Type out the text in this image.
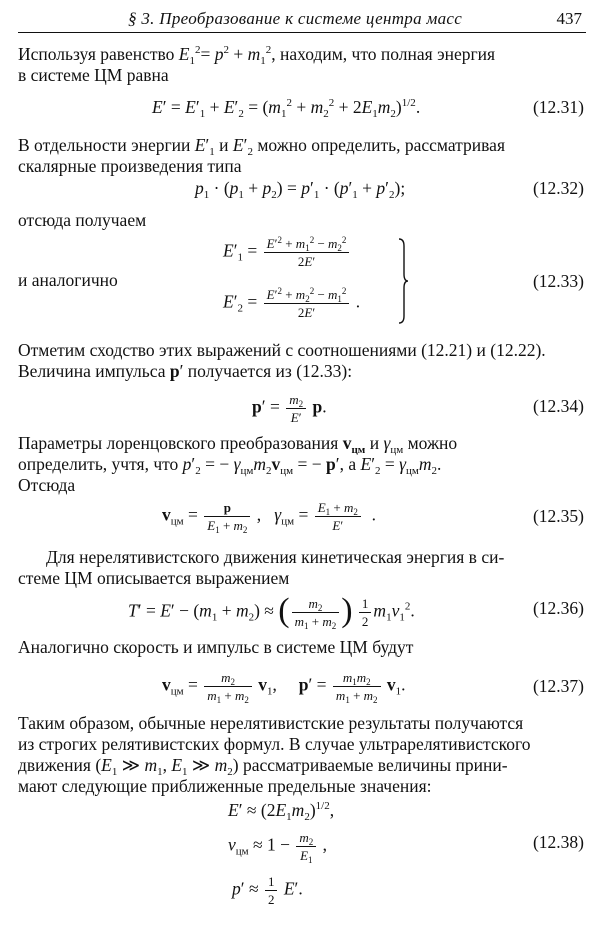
§ 3. Преобразование к системе центра масс	437
Используя равенство $E_1^2= p^2 + m_1^2$, находим, что полная энергия
в системе ЦМ равна
$E' = E'_1 + E'_2 = (m_1^2 + m_2^2 + 2E_1m_2)^{1/2}$.	(12.31)
В отдельности энергии $E'_1$ и $E'_2$ можно определить, рассматривая
скалярные произведения типа
$p_1 \cdot (p_1 + p_2) = p'_1 \cdot (p'_1 + p'_2)$;	(12.32)
отсюда получаем
$E'_1 = \frac{E'^2 + m_1^2 - m_2^2}{2E'}$
и аналогично
$E'_2 = \frac{E'^2 + m_2^2 - m_1^2}{2E'}$ .
(12.33)
Отметим сходство этих выражений с соотношениями (12.21) и (12.22).
Величина импульса p′ получается из (12.33):
$p' = \frac{m_2}{E'} p$.	(12.34)
Параметры лоренцовского преобразования $v_{цм}$ и $\gamma_{цм}$ можно
определить, учтя, что $p'_2$ = − $\gamma_{цм}m_2v_{цм}$ = − p′, а $E'_2 = \gamma_{цм}m_2$.
Отсюда
$v_{цм} = \frac{p}{E_1 + m_2}$ ,   $\gamma_{цм} = \frac{E_1 + m_2}{E'}$ .	(12.35)
Для нерелятивистского движения кинетическая энергия в си-
стеме ЦМ описывается выражением
$T' = E' - (m_1 + m_2)$ ≈ ( $\frac{m_2}{m_1 + m_2}$ ) $\frac{1}{2} m_1v_1^2$.	(12.36)
Аналогично скорость и импульс в системе ЦМ будут
$v_{цм} = \frac{m_2}{m_1 + m_2} v_1$,     $p' = \frac{m_1m_2}{m_1 + m_2} v_1$.	(12.37)
Таким образом, обычные нерелятивистские результаты получаются
из строгих релятивистских формул. В случае ультрарелятивистского
движения ($E_1$ ≫ $m_1$, $E_1$ ≫ $m_2$) рассматриваемые величины прини-
мают следующие приближенные предельные значения:
$E' \approx (2E_1m_2)^{1/2}$,
$v_{цм} \approx 1 - \frac{m_2}{E_1}$ ,	(12.38)
$p' \approx \frac{1}{2} E'$.
